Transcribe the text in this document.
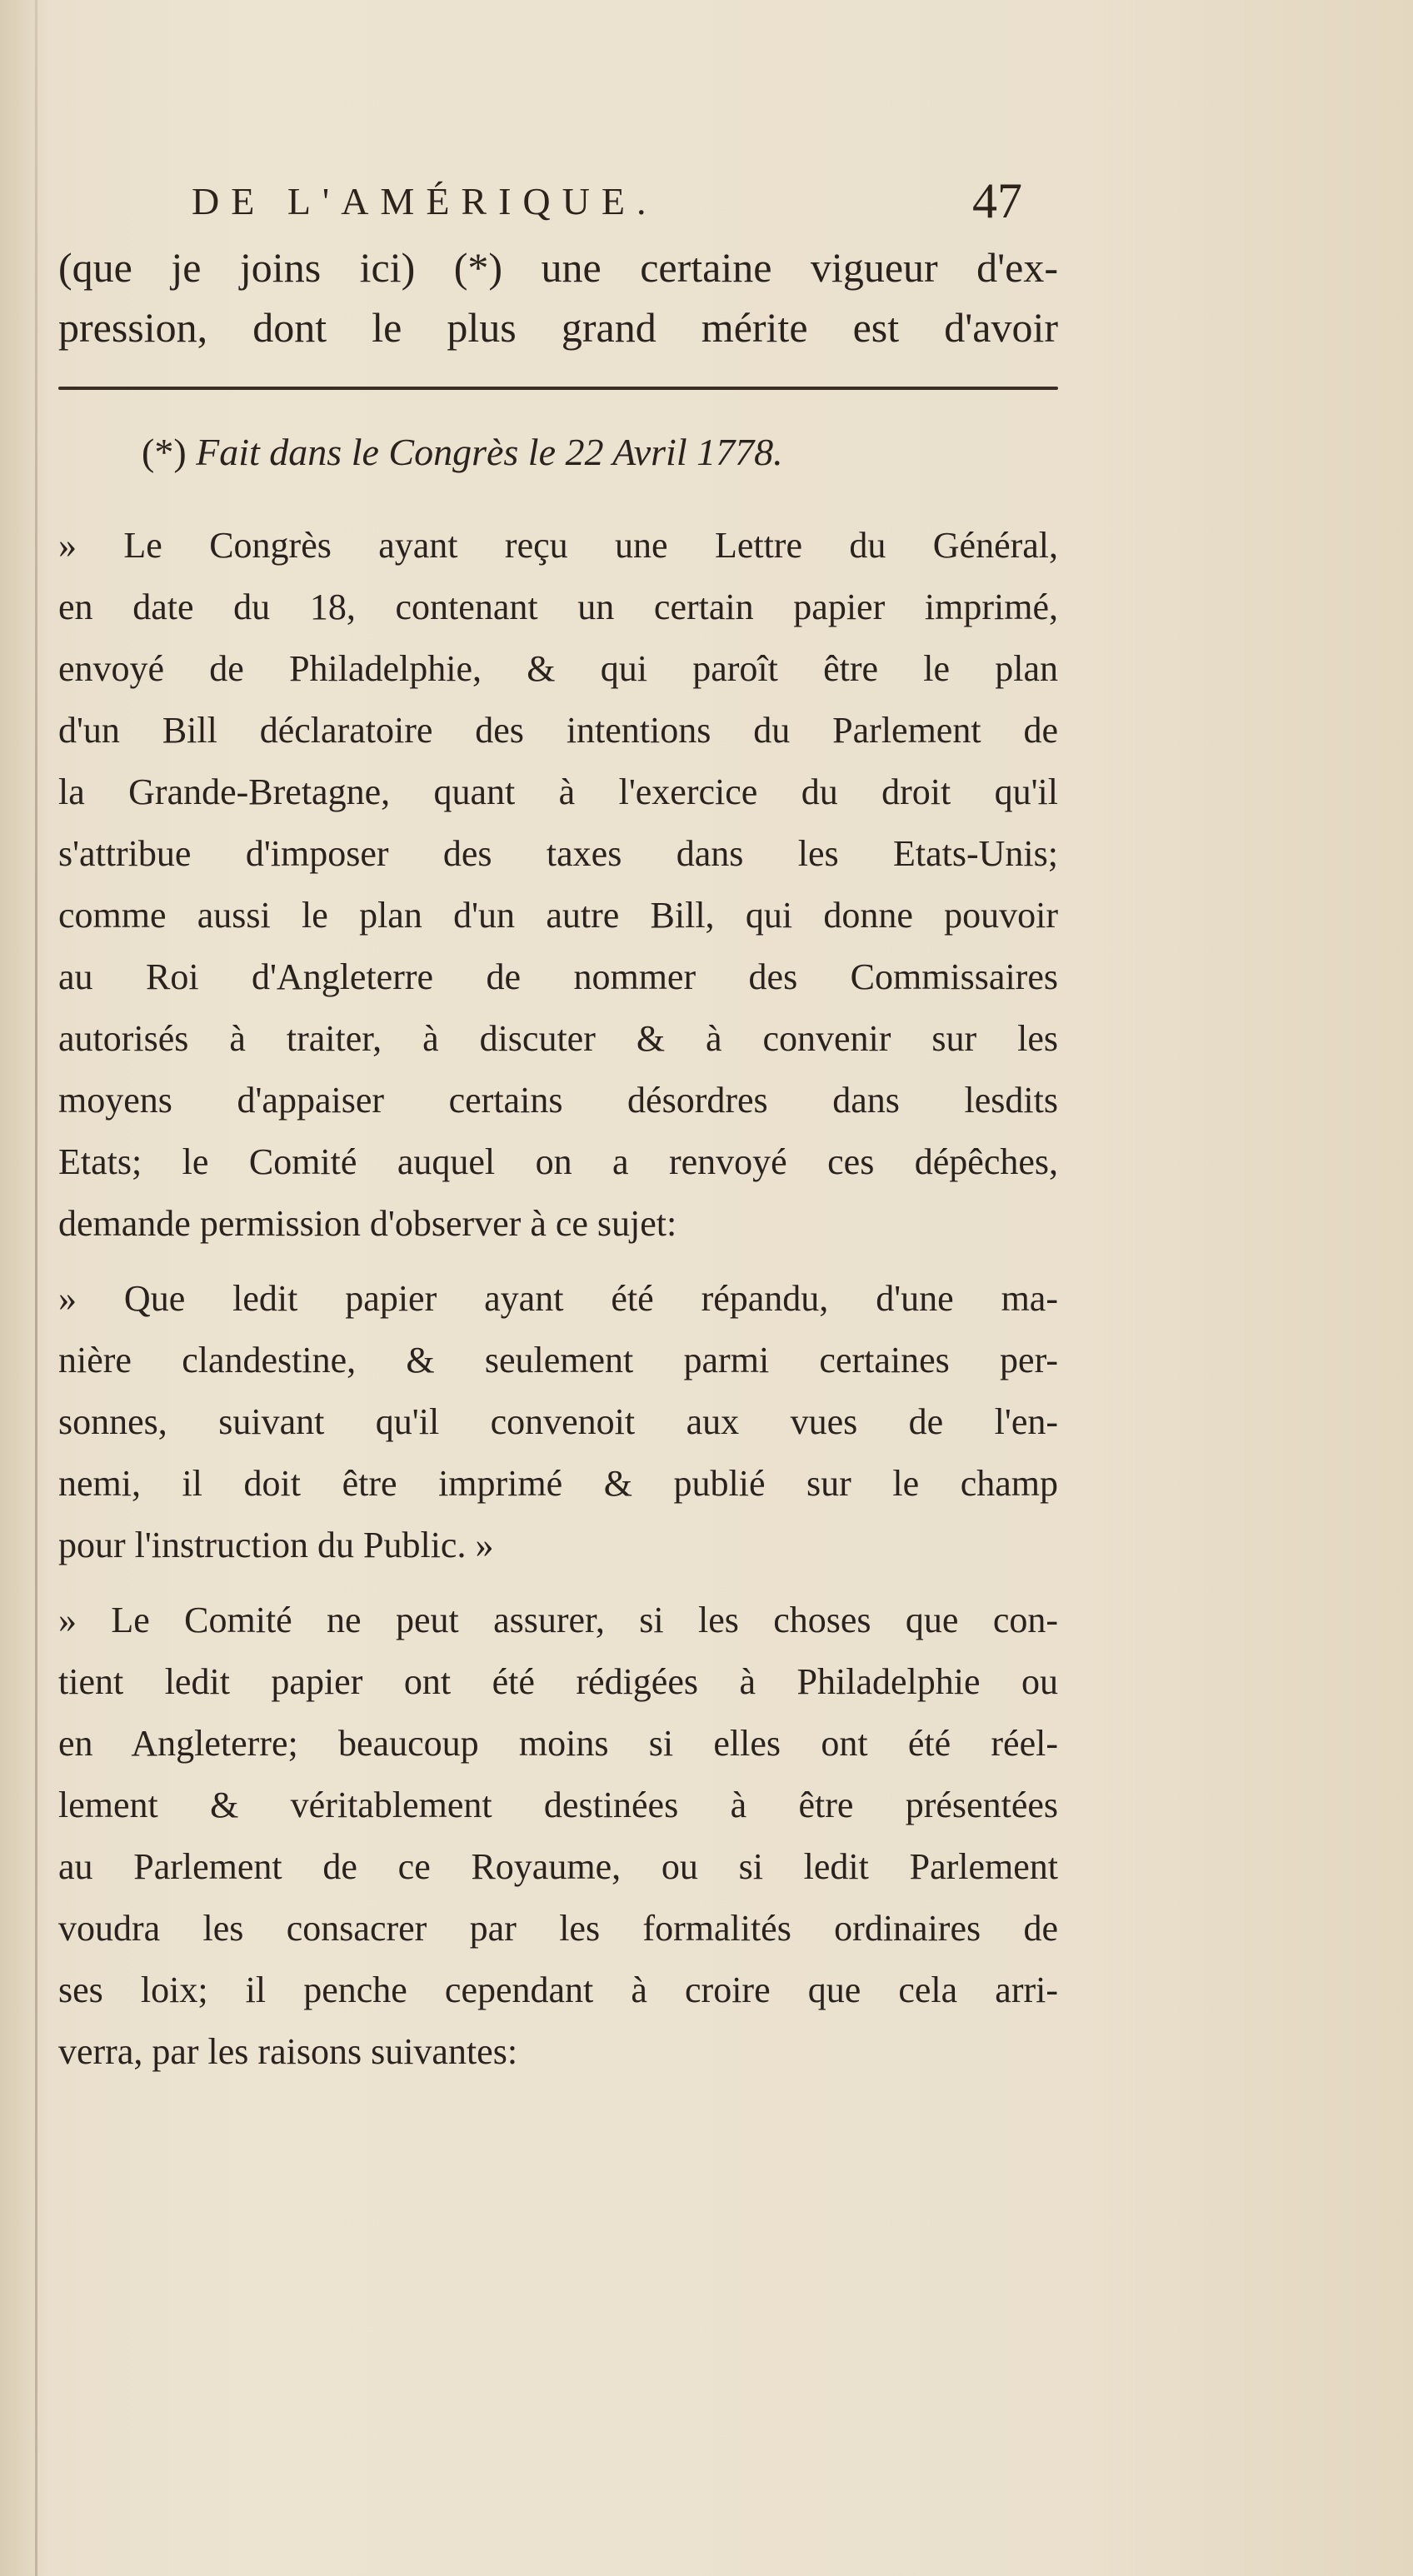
DE L'AMÉRIQUE.	47
(que je joins ici) (*) une certaine vigueur d'ex-
pression, dont le plus grand mérite est d'avoir
(*) Fait dans le Congrès le 22 Avril 1778.
» Le Congrès ayant reçu une Lettre du Général,
en date du 18, contenant un certain papier imprimé,
envoyé de Philadelphie, & qui paroît être le plan
d'un Bill déclaratoire des intentions du Parlement de
la Grande-Bretagne, quant à l'exercice du droit qu'il
s'attribue d'imposer des taxes dans les Etats-Unis;
comme aussi le plan d'un autre Bill, qui donne pouvoir
au Roi d'Angleterre de nommer des Commissaires
autorisés à traiter, à discuter & à convenir sur les
moyens d'appaiser certains désordres dans lesdits
Etats; le Comité auquel on a renvoyé ces dépêches,
demande permission d'observer à ce sujet:
» Que ledit papier ayant été répandu, d'une ma-
nière clandestine, & seulement parmi certaines per-
sonnes, suivant qu'il convenoit aux vues de l'en-
nemi, il doit être imprimé & publié sur le champ
pour l'instruction du Public. »
» Le Comité ne peut assurer, si les choses que con-
tient ledit papier ont été rédigées à Philadelphie ou
en Angleterre; beaucoup moins si elles ont été réel-
lement & véritablement destinées à être présentées
au Parlement de ce Royaume, ou si ledit Parlement
voudra les consacrer par les formalités ordinaires de
ses loix; il penche cependant à croire que cela arri-
verra, par les raisons suivantes:
